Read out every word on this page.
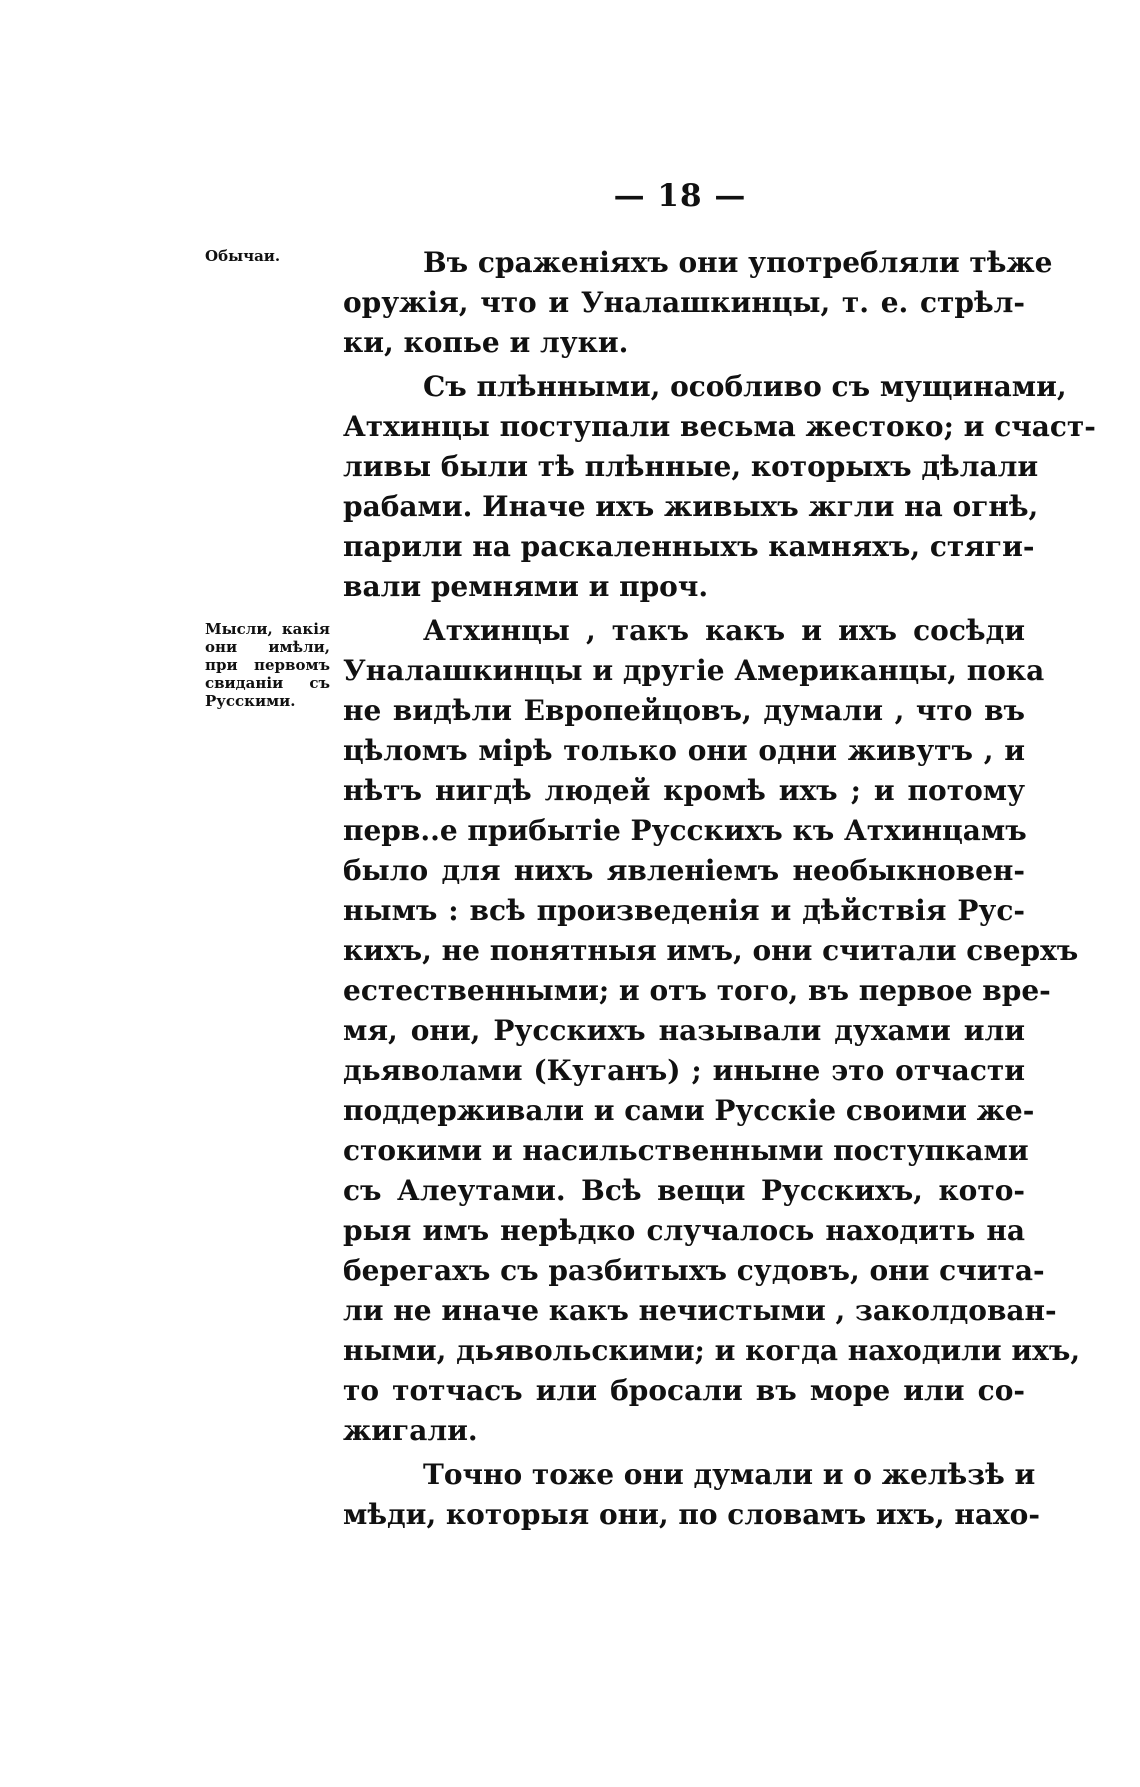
— 18 —
Обычаи.
Мысли, какія они имѣли, при первомъ свиданіи съ Русскими.
Въ сраженіяхъ они употребляли тѣже
оружія, что и Уналашкинцы, т. е. стрѣл-
ки, копье и луки.
Съ плѣнными, особливо съ мущинами,
Атхинцы поступали весьма жестоко; и счаст-
ливы были тѣ плѣнные, которыхъ дѣлали
рабами. Иначе ихъ живыхъ жгли на огнѣ,
парили на раскаленныхъ камняхъ, стяги-
вали ремнями и проч.
Атхинцы , такъ какъ и ихъ сосѣди
Уналашкинцы и другіе Американцы, пока
не видѣли Европейцовъ, думали , что въ
цѣломъ мірѣ только они одни живутъ , и
нѣтъ нигдѣ людей кромѣ ихъ ; и потому
перв..е прибытіе Русскихъ къ Атхинцамъ
было для нихъ явленіемъ необыкновен-
нымъ : всѣ произведенія и дѣйствія Рус-
кихъ, не понятныя имъ, они считали сверхъ
естественными; и отъ того, въ первое вре-
мя, они, Русскихъ называли духами или
дьяволами (Куганъ) ; иныне это отчасти
поддерживали и сами Русскіе своими же-
стокими и насильственными поступками
съ Алеутами. Всѣ вещи Русскихъ, кото-
рыя имъ нерѣдко случалось находить на
берегахъ съ разбитыхъ судовъ, они счита-
ли не иначе какъ нечистыми , заколдован-
ными, дьявольскими; и когда находили ихъ,
то тотчасъ или бросали въ море или со-
жигали.
Точно тоже они думали и о желѣзѣ и
мѣди, которыя они, по словамъ ихъ, нахо-
